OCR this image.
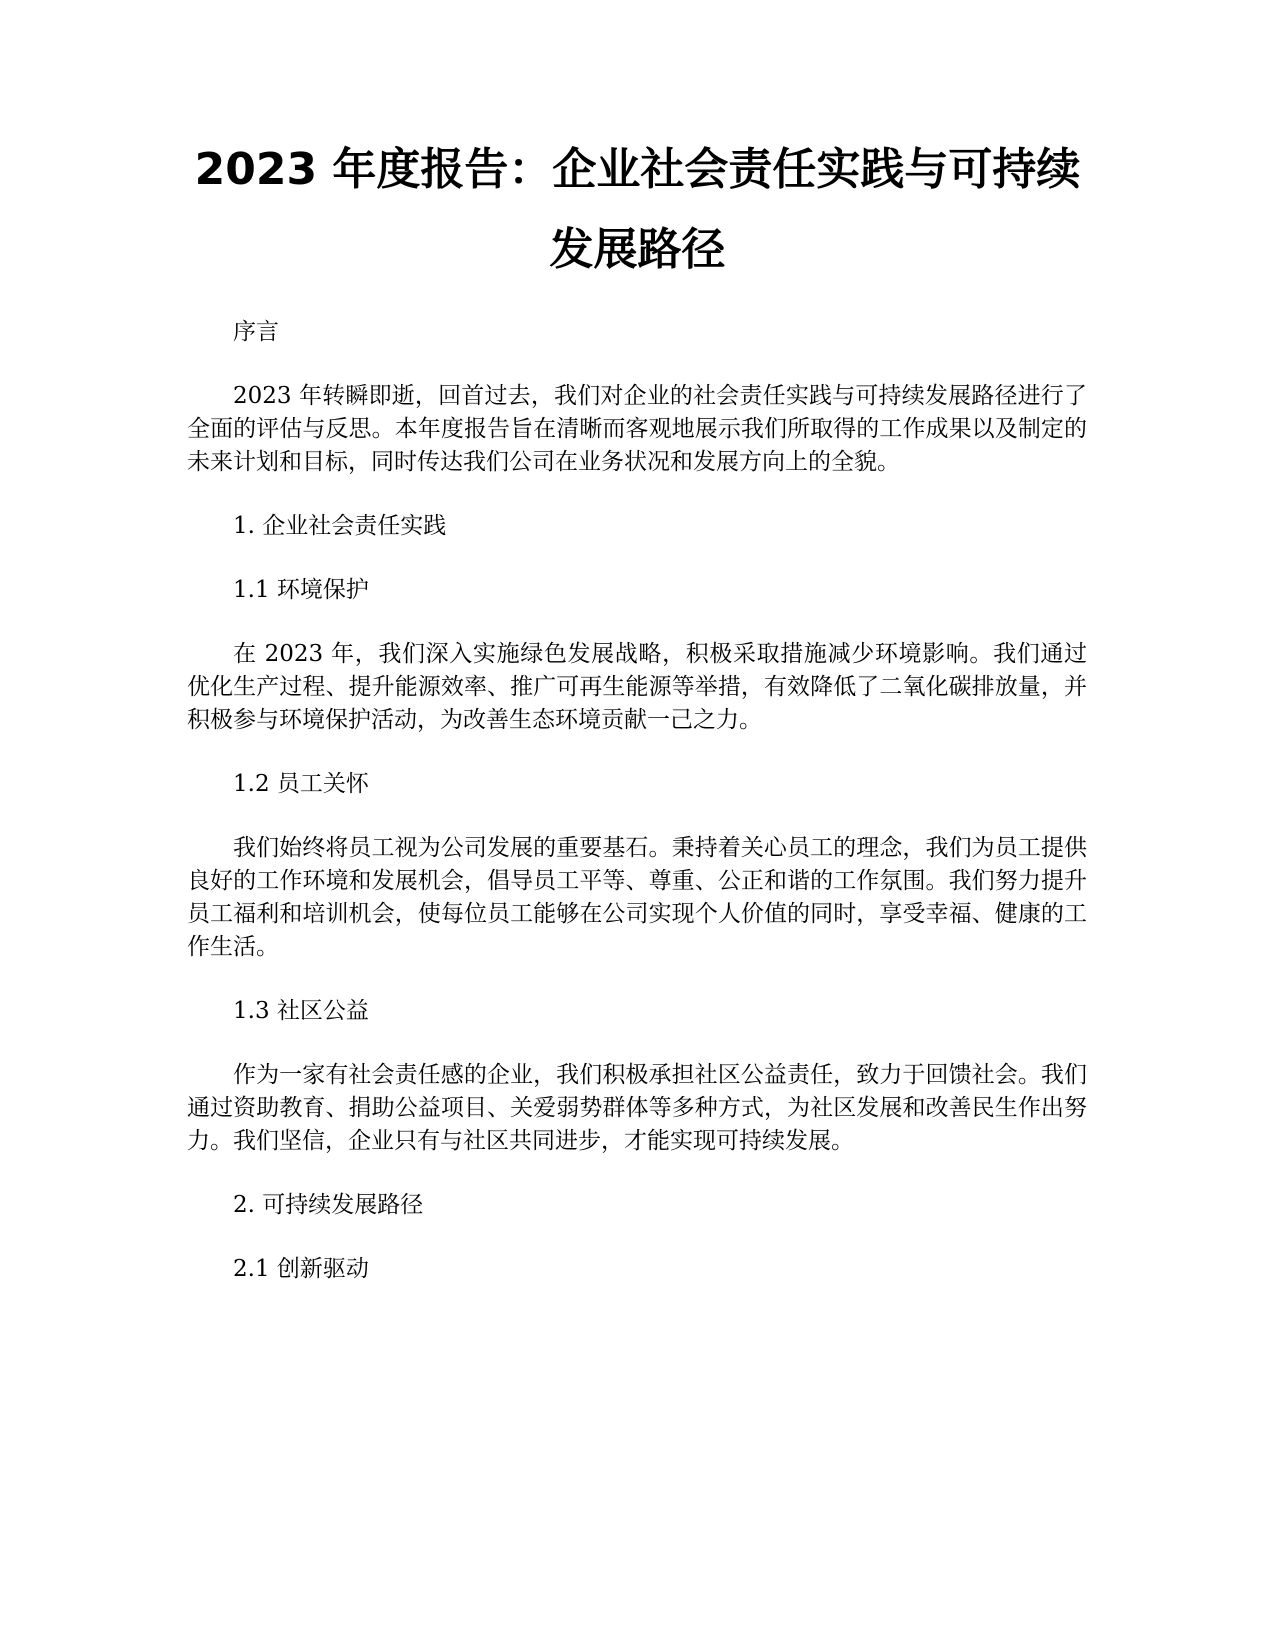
2023 年度报告：企业社会责任实践与可持续
发展路径

序言

2023 年转瞬即逝，回首过去，我们对企业的社会责任实践与可持续发展路径进行了全面的评估与反思。本年度报告旨在清晰而客观地展示我们所取得的工作成果以及制定的未来计划和目标，同时传达我们公司在业务状况和发展方向上的全貌。

1. 企业社会责任实践

1.1 环境保护

在 2023 年，我们深入实施绿色发展战略，积极采取措施减少环境影响。我们通过优化生产过程、提升能源效率、推广可再生能源等举措，有效降低了二氧化碳排放量，并积极参与环境保护活动，为改善生态环境贡献一己之力。

1.2 员工关怀

我们始终将员工视为公司发展的重要基石。秉持着关心员工的理念，我们为员工提供良好的工作环境和发展机会，倡导员工平等、尊重、公正和谐的工作氛围。我们努力提升员工福利和培训机会，使每位员工能够在公司实现个人价值的同时，享受幸福、健康的工作生活。

1.3 社区公益

作为一家有社会责任感的企业，我们积极承担社区公益责任，致力于回馈社会。我们通过资助教育、捐助公益项目、关爱弱势群体等多种方式，为社区发展和改善民生作出努力。我们坚信，企业只有与社区共同进步，才能实现可持续发展。

2. 可持续发展路径

2.1 创新驱动
